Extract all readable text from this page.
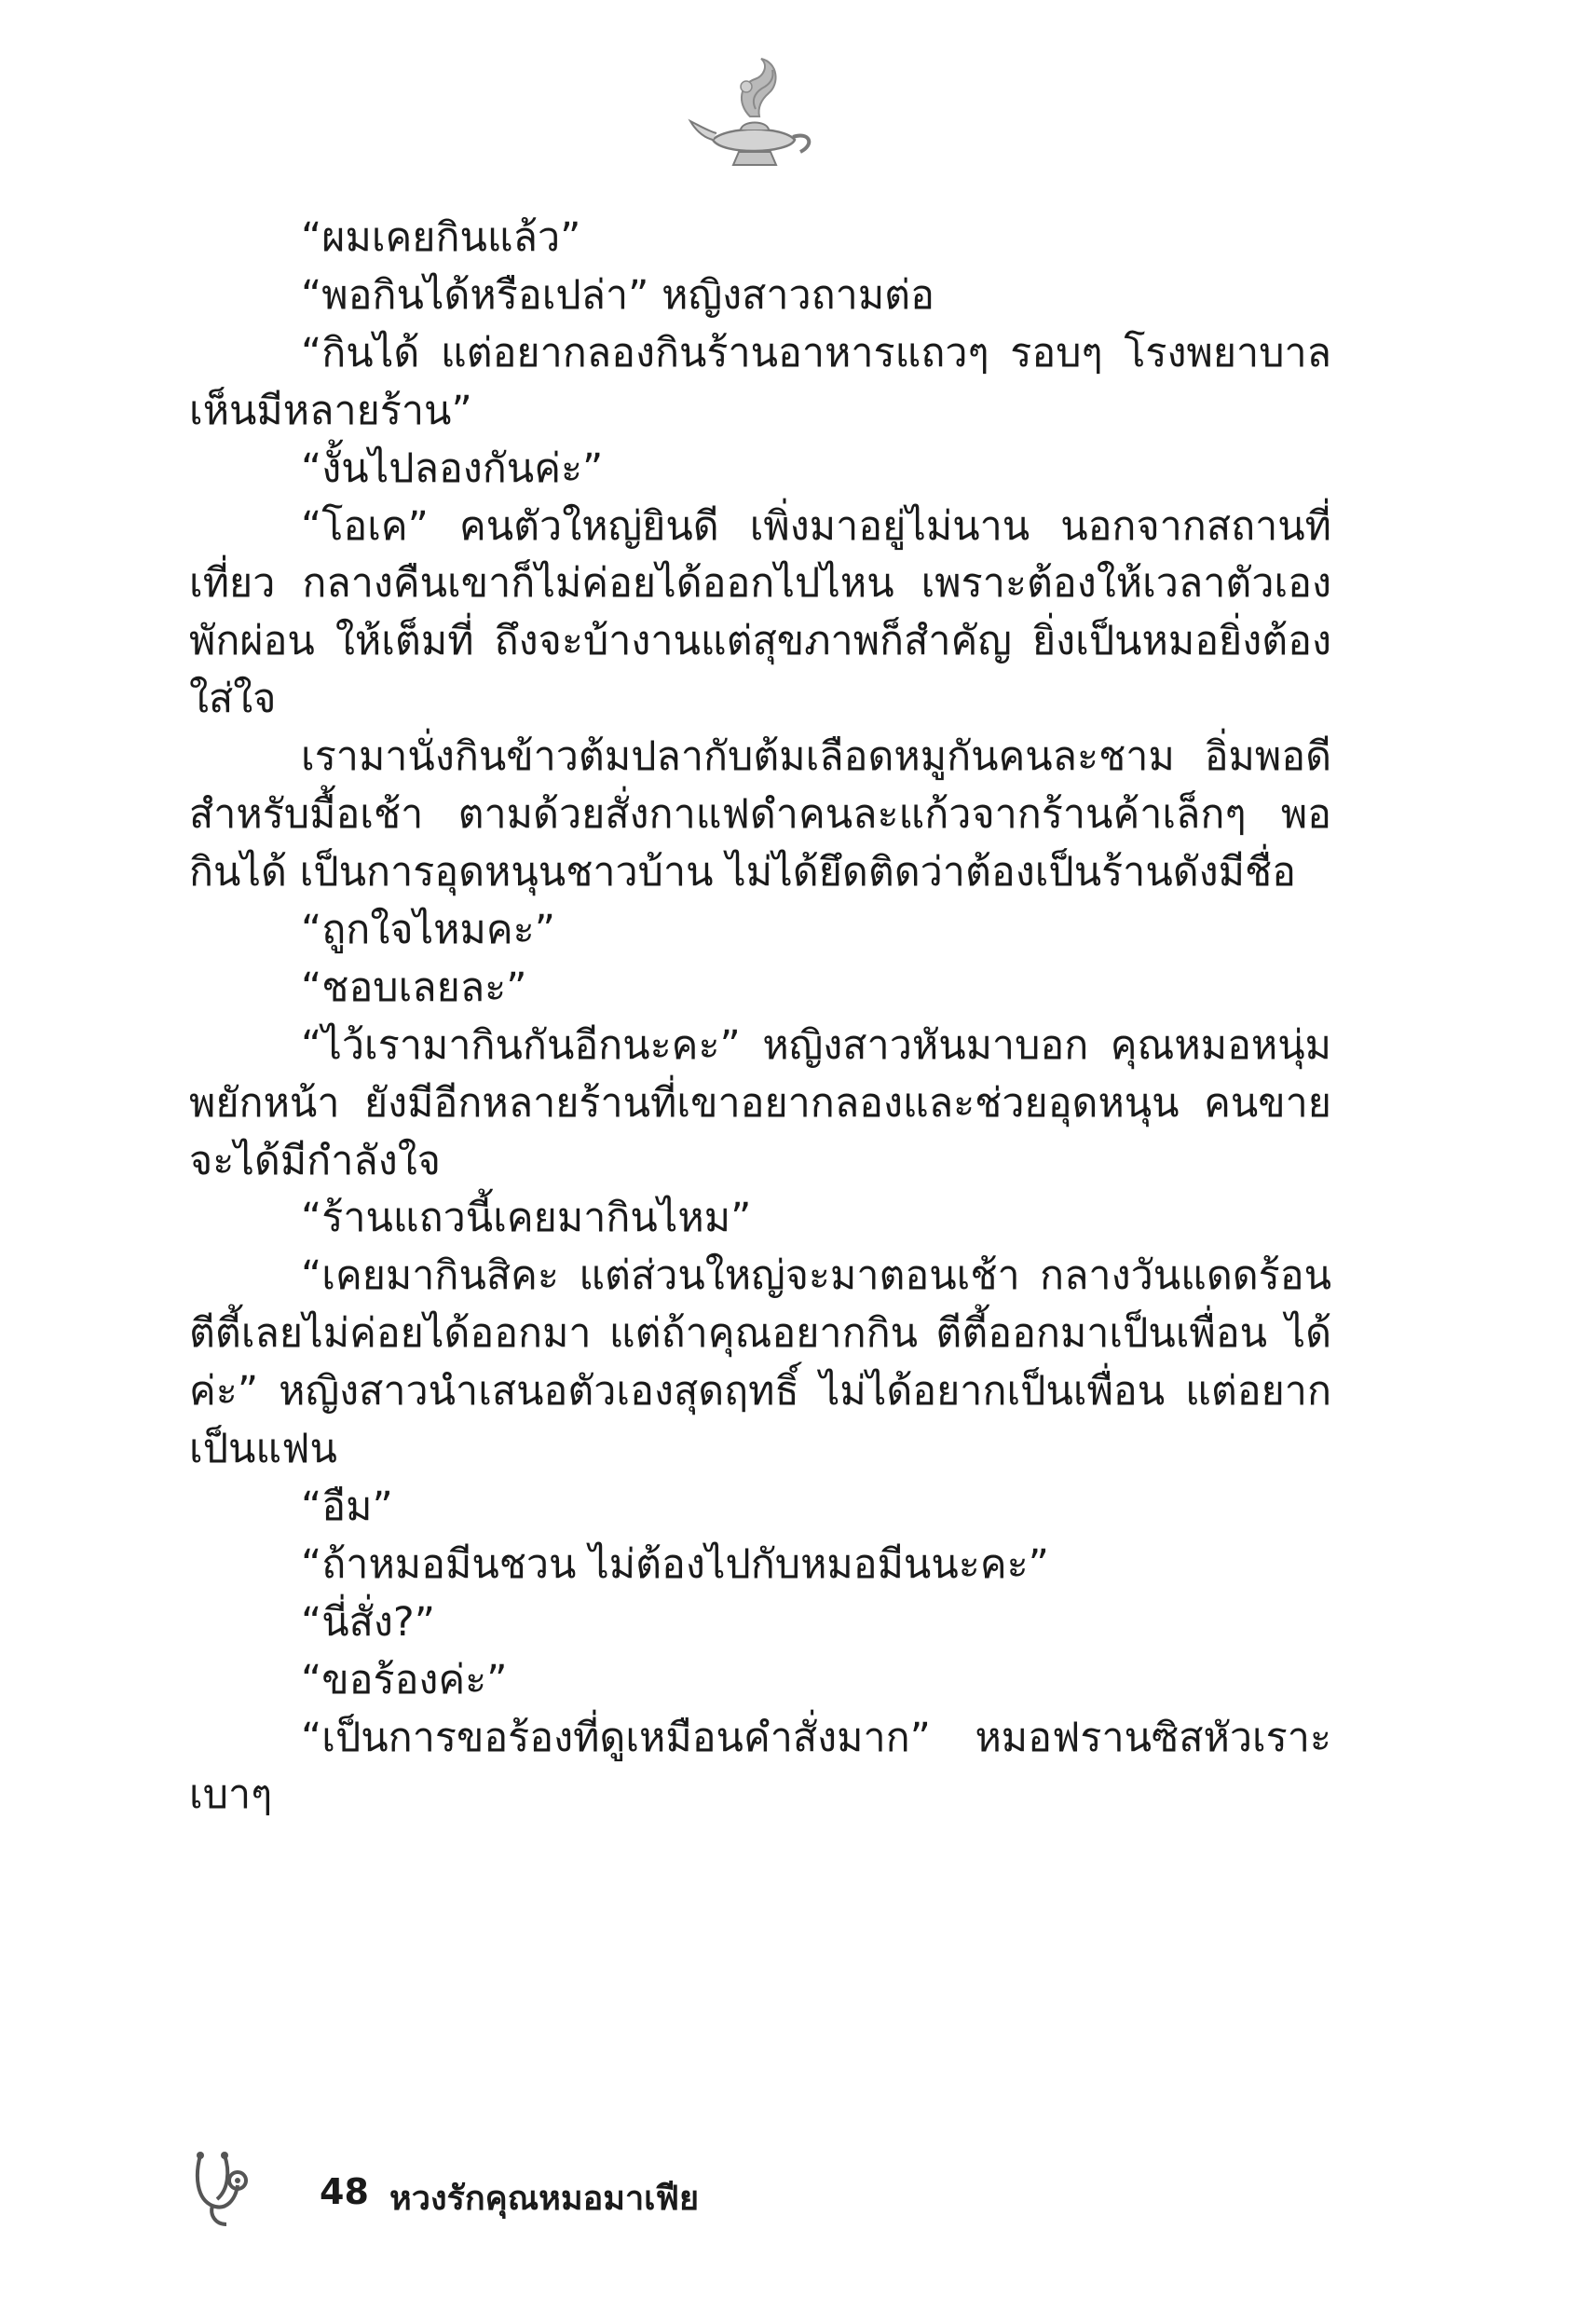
“ผมเคยกินแล้ว”

“พอกินได้หรือเปล่า” หญิงสาวถามต่อ

“กินได้ แต่อยากลองกินร้านอาหารแถวๆ รอบๆ โรงพยาบาล เห็นมีหลายร้าน”

“งั้นไปลองกันค่ะ”

“โอเค” คนตัวใหญ่ยินดี เพิ่งมาอยู่ไม่นาน นอกจากสถานที่เที่ยว กลางคืนเขาก็ไม่ค่อยได้ออกไปไหน เพราะต้องให้เวลาตัวเองพักผ่อน ให้เต็มที่ ถึงจะบ้างานแต่สุขภาพก็สำคัญ ยิ่งเป็นหมอยิ่งต้องใส่ใจ

เรามานั่งกินข้าวต้มปลากับต้มเลือดหมูกันคนละชาม อิ่มพอดี สำหรับมื้อเช้า ตามด้วยสั่งกาแฟดำคนละแก้วจากร้านค้าเล็กๆ พอกินได้ เป็นการอุดหนุนชาวบ้าน ไม่ได้ยึดติดว่าต้องเป็นร้านดังมีชื่อ

“ถูกใจไหมคะ”

“ชอบเลยละ”

“ไว้เรามากินกันอีกนะคะ” หญิงสาวหันมาบอก คุณหมอหนุ่ม พยักหน้า ยังมีอีกหลายร้านที่เขาอยากลองและช่วยอุดหนุน คนขาย จะได้มีกำลังใจ

“ร้านแถวนี้เคยมากินไหม”

“เคยมากินสิคะ แต่ส่วนใหญ่จะมาตอนเช้า กลางวันแดดร้อน ตีตี้เลยไม่ค่อยได้ออกมา แต่ถ้าคุณอยากกิน ตีตี้ออกมาเป็นเพื่อน ได้ค่ะ” หญิงสาวนำเสนอตัวเองสุดฤทธิ์ ไม่ได้อยากเป็นเพื่อน แต่อยาก เป็นแฟน

“อืม”

“ถ้าหมอมีนชวน ไม่ต้องไปกับหมอมีนนะคะ”

“นี่สั่ง?”

“ขอร้องค่ะ”

“เป็นการขอร้องที่ดูเหมือนคำสั่งมาก” หมอฟรานซิสหัวเราะเบาๆ

48 หวงรักคุณหมอมาเฟีย
